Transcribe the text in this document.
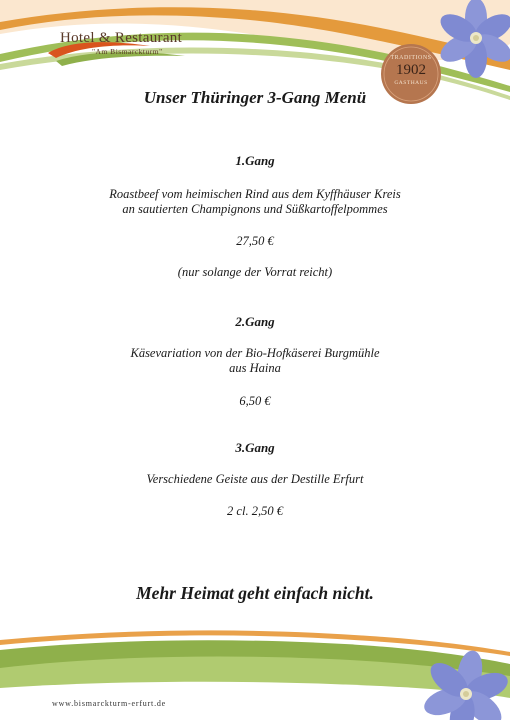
Hotel & Restaurant
"Am Bismarckturm"
TRADITIONS
1902
GASTHAUS
Unser Thüringer 3-Gang Menü
1.Gang
Roastbeef vom heimischen Rind aus dem Kyffhäuser Kreis
an sautierten Champignons und Süßkartoffelpommes
27,50 €
(nur solange der Vorrat reicht)
2.Gang
Käsevariation von der Bio-Hofkäserei Burgmühle
aus Haina
6,50 €
3.Gang
Verschiedene Geiste aus der Destille Erfurt
2 cl. 2,50 €
Mehr Heimat geht einfach nicht.
www.bismarckturm-erfurt.de
